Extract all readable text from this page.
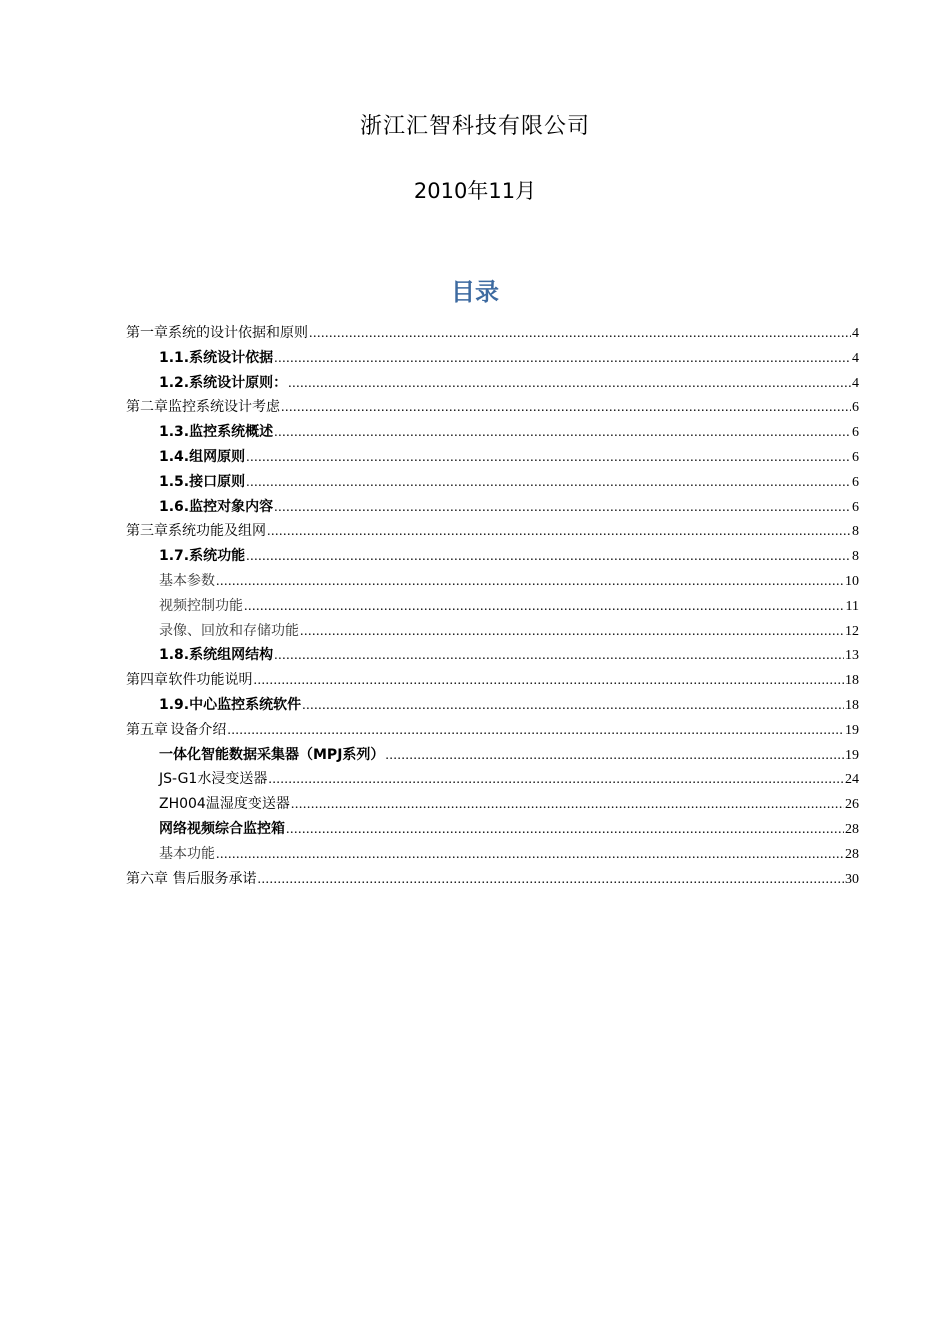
浙江汇智科技有限公司
2010年11月
目录
第一章 系统的设计依据和原则 .....	4
1.1. 系统设计依据 .....	4
1.2. 系统设计原则： .....	4
第二章 监控系统设计考虑 .....	6
1.3. 监控系统概述 .....	6
1.4. 组网原则 .....	6
1.5. 接口原则 .....	6
1.6. 监控对象内容 .....	6
第三章 系统功能及组网 .....	8
1.7. 系统功能 .....	8
基本参数 .....	10
视频控制功能 .....	11
录像、回放和存储功能 .....	12
1.8. 系统组网结构 .....	13
第四章 软件功能说明 .....	18
1.9. 中心监控系统软件 .....	18
第五章 设备介绍 .....	19
一体化智能数据采集器（MPJ系列） .....	19
JS-G1水浸变送器 .....	24
ZH004温湿度变送器 .....	26
网络视频综合监控箱 .....	28
基本功能 .....	28
第六章 售后服务承诺 .....	30
